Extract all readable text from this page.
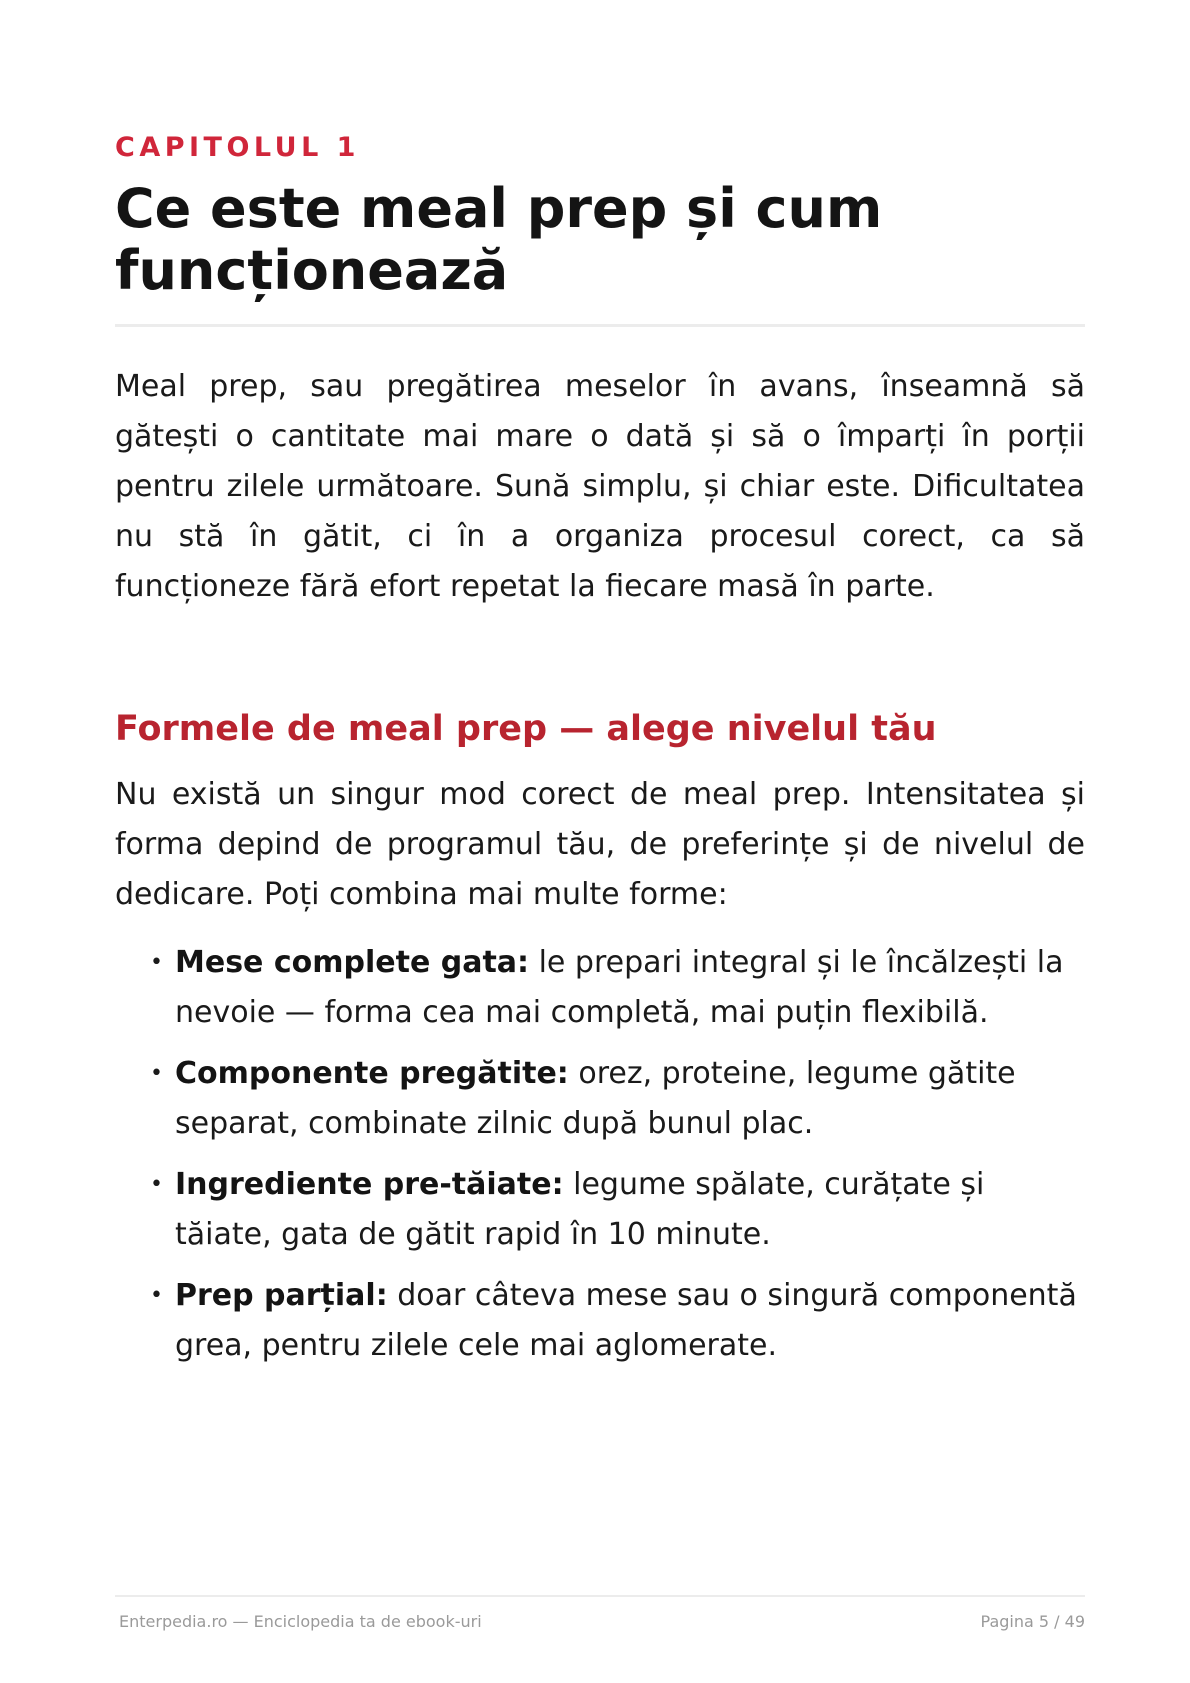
CAPITOLUL 1
Ce este meal prep și cum funcționează

Meal prep, sau pregătirea meselor în avans, înseamnă să gătești o cantitate mai mare o dată și să o împarți în porții pentru zilele următoare. Sună simplu, și chiar este. Dificultatea nu stă în gătit, ci în a organiza procesul corect, ca să funcționeze fără efort repetat la fiecare masă în parte.

Formele de meal prep — alege nivelul tău

Nu există un singur mod corect de meal prep. Intensitatea și forma depind de programul tău, de preferințe și de nivelul de dedicare. Poți combina mai multe forme:

• Mese complete gata: le prepari integral și le încălzești la nevoie — forma cea mai completă, mai puțin flexibilă.
• Componente pregătite: orez, proteine, legume gătite separat, combinate zilnic după bunul plac.
• Ingrediente pre-tăiate: legume spălate, curățate și tăiate, gata de gătit rapid în 10 minute.
• Prep parțial: doar câteva mese sau o singură componentă grea, pentru zilele cele mai aglomerate.
Enterpedia.ro — Enciclopedia ta de ebook-uri	Pagina 5 / 49
